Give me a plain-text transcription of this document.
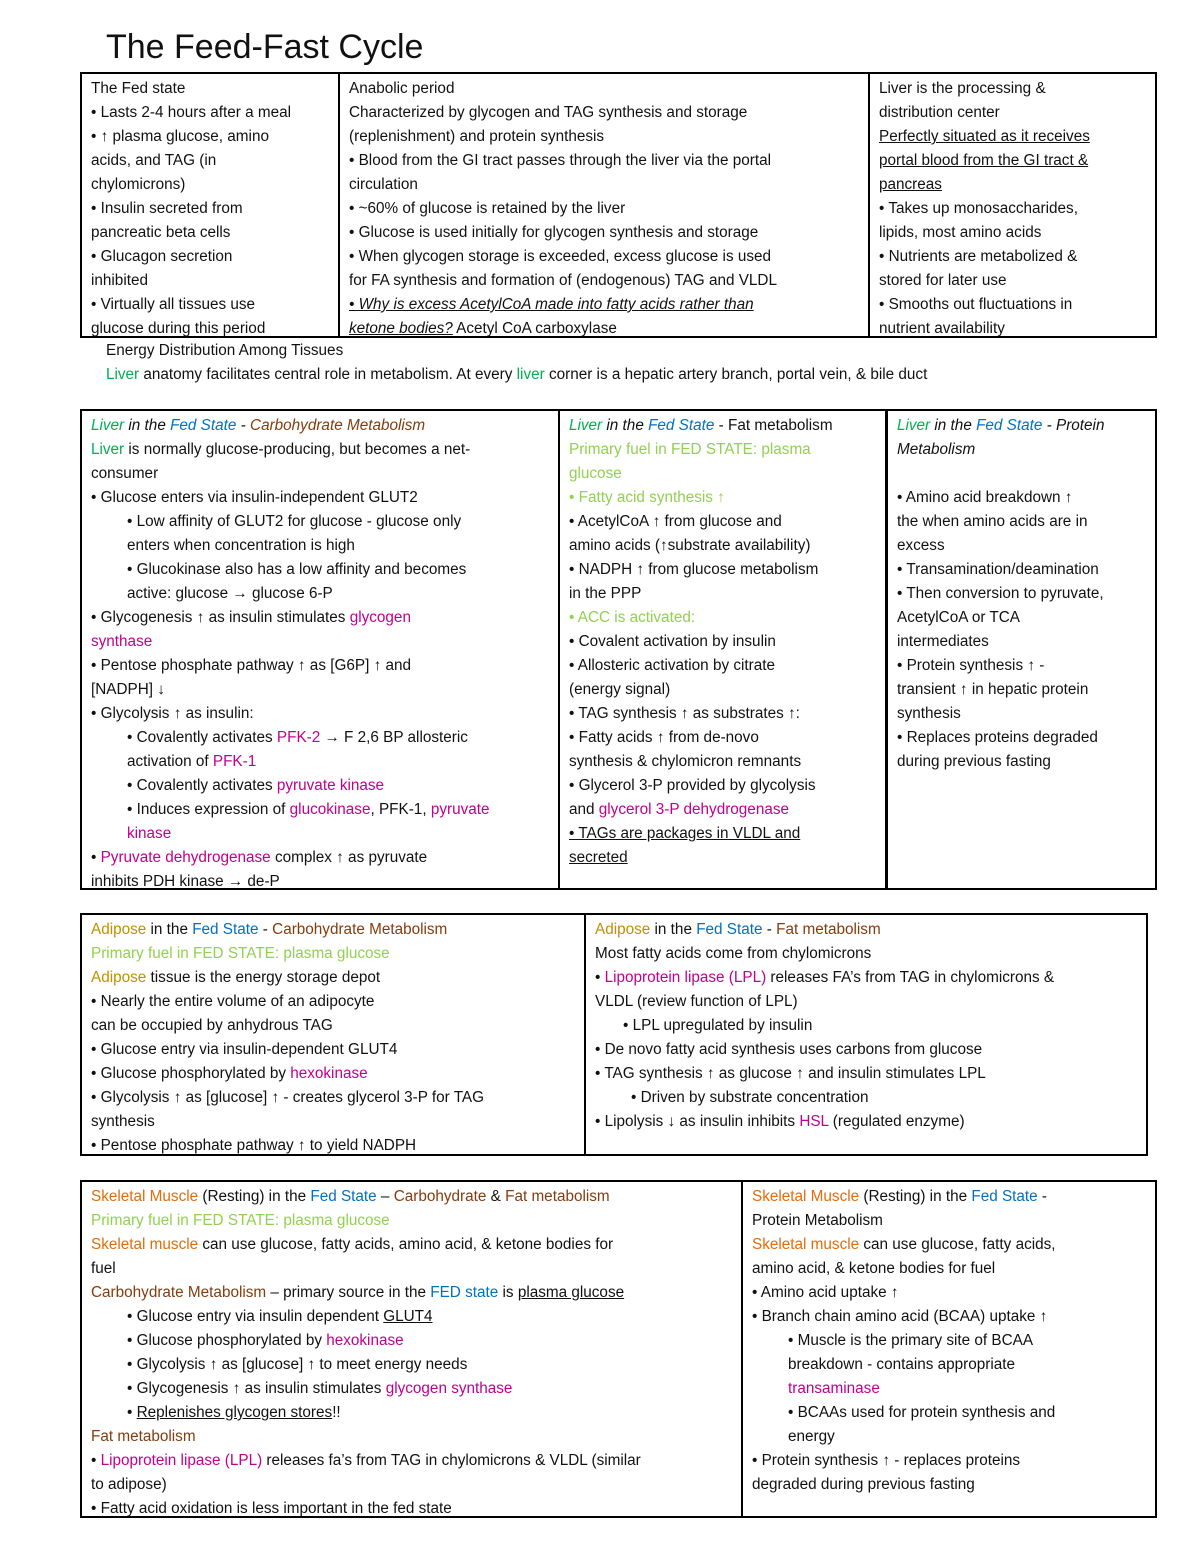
The Feed-Fast Cycle
The Fed state
• Lasts 2-4 hours after a meal
• ↑ plasma glucose, amino
acids, and TAG (in
chylomicrons)
• Insulin secreted from
pancreatic beta cells
• Glucagon secretion
inhibited
• Virtually all tissues use
glucose during this period
Anabolic period
Characterized by glycogen and TAG synthesis and storage
(replenishment) and protein synthesis
• Blood from the GI tract passes through the liver via the portal
circulation
• ~60% of glucose is retained by the liver
• Glucose is used initially for glycogen synthesis and storage
• When glycogen storage is exceeded, excess glucose is used
for FA synthesis and formation of (endogenous) TAG and VLDL
• Why is excess AcetylCoA made into fatty acids rather than
ketone bodies? Acetyl CoA carboxylase
Liver is the processing &
distribution center
Perfectly situated as it receives
portal blood from the GI tract &
pancreas
• Takes up monosaccharides,
lipids, most amino acids
• Nutrients are metabolized &
stored for later use
• Smooths out fluctuations in
nutrient availability
Energy Distribution Among Tissues
Liver anatomy facilitates central role in metabolism. At every liver corner is a hepatic artery branch, portal vein, & bile duct
Liver in the Fed State - Carbohydrate Metabolism
Liver is normally glucose-producing, but becomes a net-
consumer
• Glucose enters via insulin-independent GLUT2
• Low affinity of GLUT2 for glucose - glucose only
enters when concentration is high
• Glucokinase also has a low affinity and becomes
active: glucose → glucose 6-P
• Glycogenesis ↑ as insulin stimulates glycogen
synthase
• Pentose phosphate pathway ↑ as [G6P] ↑ and
[NADPH] ↓
• Glycolysis ↑ as insulin:
• Covalently activates PFK-2 → F 2,6 BP allosteric
activation of PFK-1
• Covalently activates pyruvate kinase
• Induces expression of glucokinase, PFK-1, pyruvate
kinase
• Pyruvate dehydrogenase complex ↑ as pyruvate
inhibits PDH kinase → de-P
Liver in the Fed State - Fat metabolism
Primary fuel in FED STATE: plasma
glucose
• Fatty acid synthesis ↑
• AcetylCoA ↑ from glucose and
amino acids (↑substrate availability)
• NADPH ↑ from glucose metabolism
in the PPP
• ACC is activated:
• Covalent activation by insulin
• Allosteric activation by citrate
(energy signal)
• TAG synthesis ↑ as substrates ↑:
• Fatty acids ↑ from de-novo
synthesis & chylomicron remnants
• Glycerol 3-P provided by glycolysis
and glycerol 3-P dehydrogenase
• TAGs are packages in VLDL and
secreted
Liver in the Fed State - Protein
Metabolism
• Amino acid breakdown ↑
the when amino acids are in
excess
• Transamination/deamination
• Then conversion to pyruvate,
AcetylCoA or TCA
intermediates
• Protein synthesis ↑ -
transient ↑ in hepatic protein
synthesis
• Replaces proteins degraded
during previous fasting
Adipose in the Fed State - Carbohydrate Metabolism
Primary fuel in FED STATE: plasma glucose
Adipose tissue is the energy storage depot
• Nearly the entire volume of an adipocyte
can be occupied by anhydrous TAG
• Glucose entry via insulin-dependent GLUT4
• Glucose phosphorylated by hexokinase
• Glycolysis ↑ as [glucose] ↑ - creates glycerol 3-P for TAG
synthesis
• Pentose phosphate pathway ↑ to yield NADPH
Adipose in the Fed State - Fat metabolism
Most fatty acids come from chylomicrons
• Lipoprotein lipase (LPL) releases FA’s from TAG in chylomicrons &
VLDL (review function of LPL)
• LPL upregulated by insulin
• De novo fatty acid synthesis uses carbons from glucose
• TAG synthesis ↑ as glucose ↑ and insulin stimulates LPL
• Driven by substrate concentration
• Lipolysis ↓ as insulin inhibits HSL (regulated enzyme)
Skeletal Muscle (Resting) in the Fed State – Carbohydrate & Fat metabolism
Primary fuel in FED STATE: plasma glucose
Skeletal muscle can use glucose, fatty acids, amino acid, & ketone bodies for
fuel
Carbohydrate Metabolism – primary source in the FED state is plasma glucose
• Glucose entry via insulin dependent GLUT4
• Glucose phosphorylated by hexokinase
• Glycolysis ↑ as [glucose] ↑ to meet energy needs
• Glycogenesis ↑ as insulin stimulates glycogen synthase
• Replenishes glycogen stores!!
Fat metabolism
• Lipoprotein lipase (LPL) releases fa’s from TAG in chylomicrons & VLDL (similar
to adipose)
• Fatty acid oxidation is less important in the fed state
Skeletal Muscle (Resting) in the Fed State -
Protein Metabolism
Skeletal muscle can use glucose, fatty acids,
amino acid, & ketone bodies for fuel
• Amino acid uptake ↑
• Branch chain amino acid (BCAA) uptake ↑
• Muscle is the primary site of BCAA
breakdown - contains appropriate
transaminase
• BCAAs used for protein synthesis and
energy
• Protein synthesis ↑ - replaces proteins
degraded during previous fasting
